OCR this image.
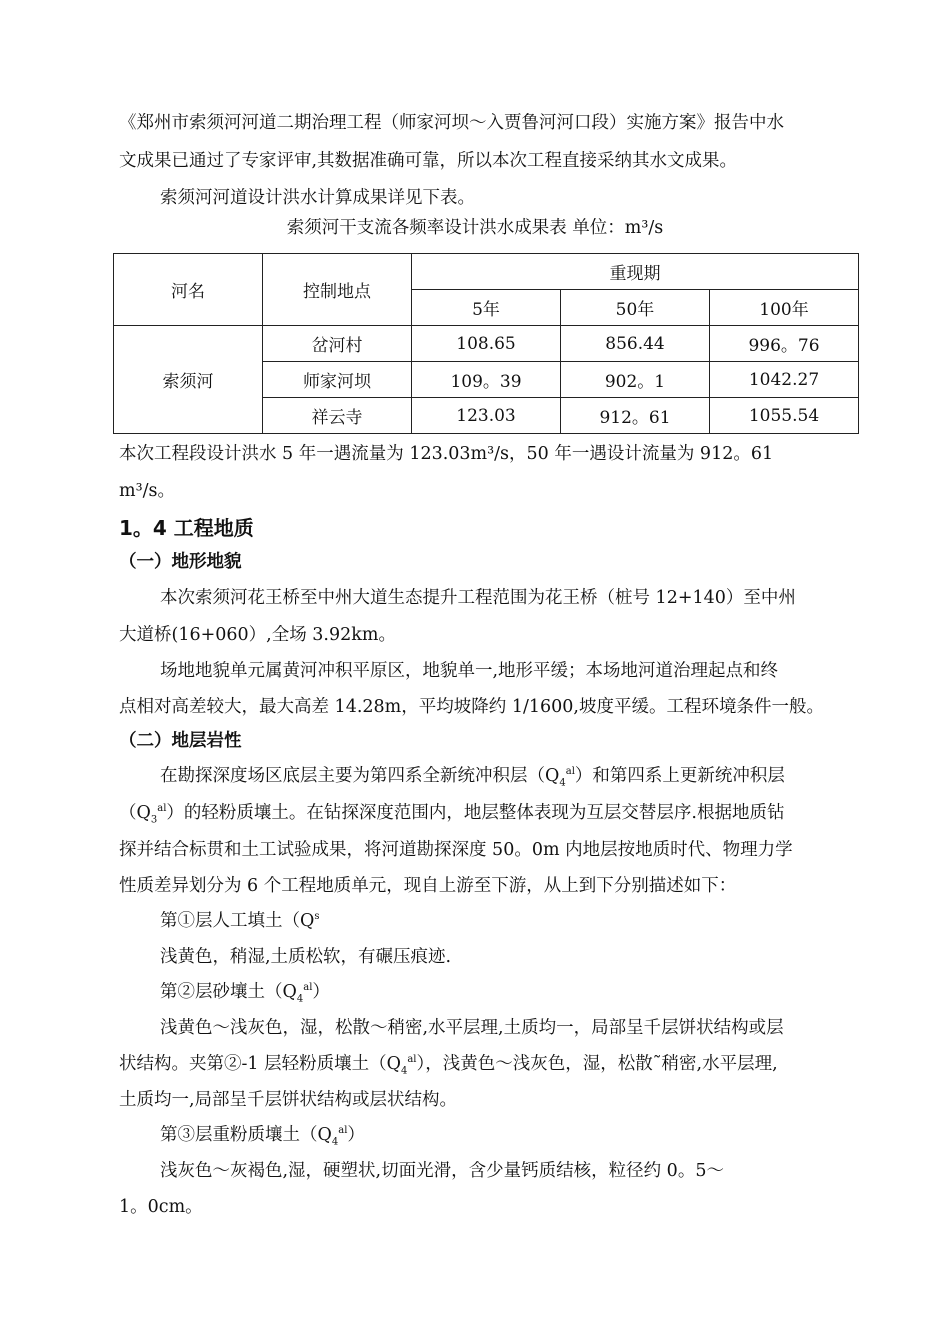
《郑州市索须河河道二期治理工程（师家河坝～入贾鲁河河口段）实施方案》报告中水

文成果已通过了专家评审,其数据准确可靠，所以本次工程直接采纳其水文成果。

索须河河道设计洪水计算成果详见下表。

索须河干支流各频率设计洪水成果表 单位：m³/s
河名	控制地点	重现期		
		5年	50年	100年
索须河	岔河村	108.65	856.44	996。76
	师家河坝	109。39	902。1	1042.27
	祥云寺	123.03	912。61	1055.54

本次工程段设计洪水 5 年一遇流量为 123.03m³/s，50 年一遇设计流量为 912。61

m³/s。

1。4 工程地质

（一）地形地貌

本次索须河花王桥至中州大道生态提升工程范围为花王桥（桩号 12+140）至中州

大道桥(16+060）,全场 3.92km。

场地地貌单元属黄河冲积平原区，地貌单一,地形平缓；本场地河道治理起点和终

点相对高差较大，最大高差 14.28m，平均坡降约 1/1600,坡度平缓。工程环境条件一般。

（二）地层岩性

在勘探深度场区底层主要为第四系全新统冲积层$(Q_4^{al})$和第四系上更新统冲积层

$(Q_3^{al})$的轻粉质壤土。在钻探深度范围内，地层整体表现为互层交替层序.根据地质钻

探并结合标贯和土工试验成果，将河道勘探深度 50。0m 内地层按地质时代、物理力学

性质差异划分为 6 个工程地质单元，现自上游至下游，从上到下分别描述如下：

第①层人工填土（$Q^s$

浅黄色，稍湿,土质松软，有碾压痕迹.

第②层砂壤土$(Q_4^{al})$

浅黄色～浅灰色，湿，松散～稍密,水平层理,土质均一，局部呈千层饼状结构或层

状结构。夹第②-1 层轻粉质壤土$(Q_4^{al})$，浅黄色～浅灰色，湿，松散˜稍密,水平层理,

土质均一,局部呈千层饼状结构或层状结构。

第③层重粉质壤土$(Q_4^{al})$

浅灰色～灰褐色,湿，硬塑状,切面光滑，含少量钙质结核，粒径约 0。5～

1。0cm。
